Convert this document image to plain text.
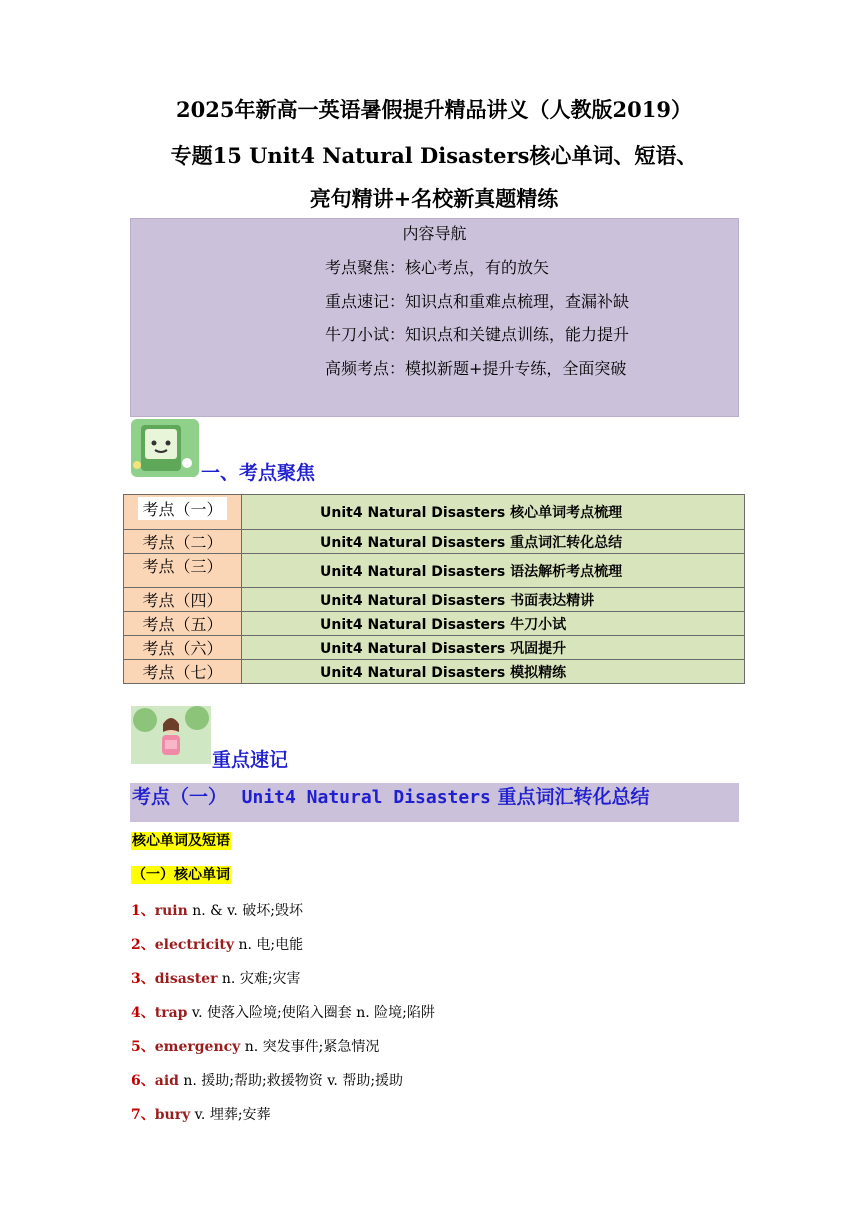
2025年新高一英语暑假提升精品讲义（人教版2019）
专题15 Unit4 Natural Disasters核心单词、短语、
亮句精讲+名校新真题精练
内容导航
考点聚焦：核心考点，有的放矢
重点速记：知识点和重难点梳理，查漏补缺
牛刀小试：知识点和关键点训练，能力提升
高频考点：模拟新题+提升专练，全面突破
一、考点聚焦
考点（一）	Unit4 Natural Disasters 核心单词考点梳理
考点（二）	Unit4 Natural Disasters 重点词汇转化总结
考点（三）	Unit4 Natural Disasters 语法解析考点梳理
考点（四）	Unit4 Natural Disasters 书面表达精讲
考点（五）	Unit4 Natural Disasters 牛刀小试
考点（六）	Unit4 Natural Disasters 巩固提升
考点（七）	Unit4 Natural Disasters 模拟精练
重点速记
考点（一） Unit4 Natural Disasters 重点词汇转化总结
核心单词及短语
（一）核心单词
1、ruin n. & v. 破坏;毁坏
2、electricity n. 电;电能
3、disaster n. 灾难;灾害
4、trap v. 使落入险境;使陷入圈套 n. 险境;陷阱
5、emergency n. 突发事件;紧急情况
6、aid n. 援助;帮助;救援物资 v. 帮助;援助
7、bury v. 埋葬;安葬
